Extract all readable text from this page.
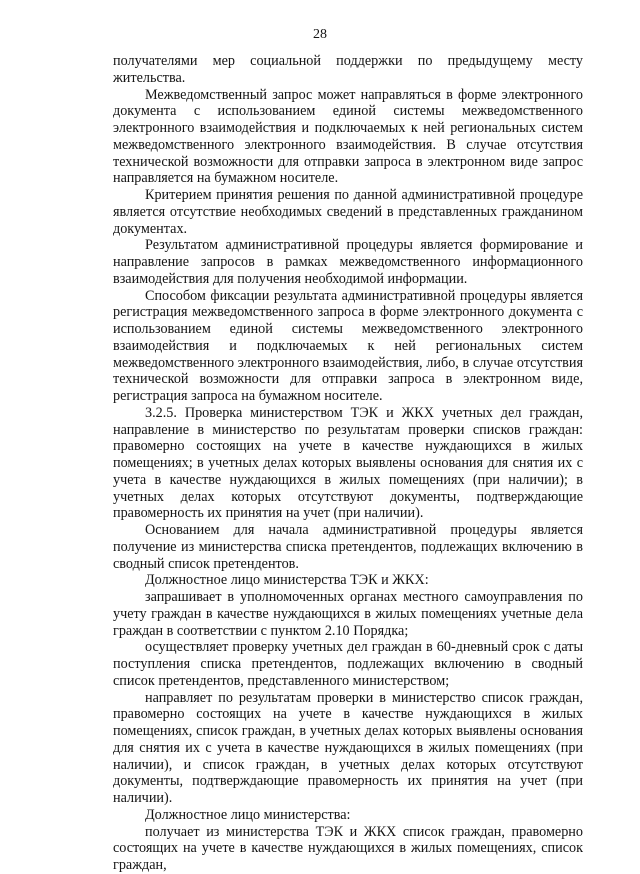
28

получателями мер социальной поддержки по предыдущему месту жительства.

Межведомственный запрос может направляться в форме электронного документа с использованием единой системы межведомственного электронного взаимодействия и подключаемых к ней региональных систем межведомственного электронного взаимодействия. В случае отсутствия технической возможности для отправки запроса в электронном виде запрос направляется на бумажном носителе.

Критерием принятия решения по данной административной процедуре является отсутствие необходимых сведений в представленных гражданином документах.

Результатом административной процедуры является формирование и направление запросов в рамках межведомственного информационного взаимодействия для получения необходимой информации.

Способом фиксации результата административной процедуры является регистрация межведомственного запроса в форме электронного документа с использованием единой системы межведомственного электронного взаимодействия и подключаемых к ней региональных систем межведомственного электронного взаимодействия, либо, в случае отсутствия технической возможности для отправки запроса в электронном виде, регистрация запроса на бумажном носителе.

3.2.5. Проверка министерством ТЭК и ЖКХ учетных дел граждан, направление в министерство по результатам проверки списков граждан: правомерно состоящих на учете в качестве нуждающихся в жилых помещениях; в учетных делах которых выявлены основания для снятия их с учета в качестве нуждающихся в жилых помещениях (при наличии); в учетных делах которых отсутствуют документы, подтверждающие правомерность их принятия на учет (при наличии).

Основанием для начала административной процедуры является получение из министерства списка претендентов, подлежащих включению в сводный список претендентов.

Должностное лицо министерства ТЭК и ЖКХ:

запрашивает в уполномоченных органах местного самоуправления по учету граждан в качестве нуждающихся в жилых помещениях учетные дела граждан в соответствии с пунктом 2.10 Порядка;

осуществляет проверку учетных дел граждан в 60-дневный срок с даты поступления списка претендентов, подлежащих включению в сводный список претендентов, представленного министерством;

направляет по результатам проверки в министерство список граждан, правомерно состоящих на учете в качестве нуждающихся в жилых помещениях, список граждан, в учетных делах которых выявлены основания для снятия их с учета в качестве нуждающихся в жилых помещениях (при наличии), и список граждан, в учетных делах которых отсутствуют документы, подтверждающие правомерность их принятия на учет (при наличии).

Должностное лицо министерства:

получает из министерства ТЭК и ЖКХ список граждан, правомерно состоящих на учете в качестве нуждающихся в жилых помещениях, список граждан,
